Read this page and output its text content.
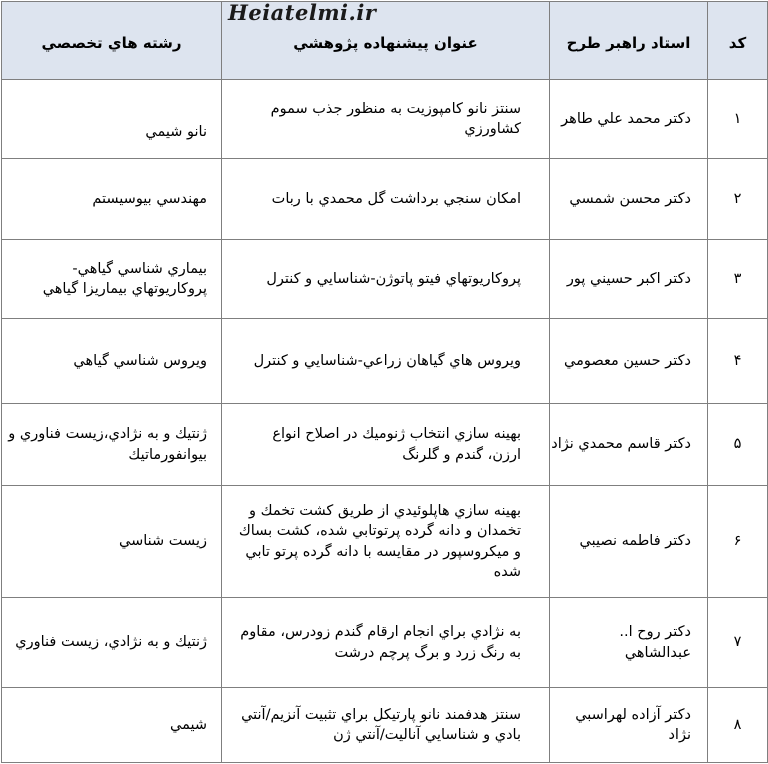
Heiatelmi.ir
كد	استاد راهبر طرح	عنوان پيشنهاده پژوهشي	رشته هاي تخصصي
۱	دكتر محمد علي طاهر	سنتز نانو كامپوزيت به منظور جذب سموم كشاورزي	نانو شيمي
۲	دكتر محسن شمسي	امكان سنجي برداشت گل محمدي با ربات	مهندسي بيوسيستم
۳	دكتر اكبر حسيني پور	پروكاريوتهاي فيتو پاتوژن-شناسايي و كنترل	بيماري شناسي گياهي- پروكاريوتهاي بيماريزا گياهي
۴	دكتر حسين معصومي	ويروس هاي گياهان زراعي-شناسايي و كنترل	ويروس شناسي گياهي
۵	دكتر قاسم محمدي نژاد	بهينه سازي انتخاب ژنوميك در اصلاح انواع ارزن، گندم و گلرنگ	ژنتيك و به نژادي،زيست فناوري و بيوانفورماتيك
۶	دكتر فاطمه نصيبي	بهينه سازي هاپلوئيدي از طريق كشت تخمك و تخمدان و دانه گرده پرتوتابي شده، كشت بساك و ميكروسپور در مقايسه با دانه گرده پرتو تابي شده	زيست شناسي
۷	دكتر روح ا.. عبدالشاهي	به نژادي براي انجام ارقام گندم زودرس، مقاوم به رنگ زرد و برگ پرچم درشت	ژنتيك و به نژادي، زيست فناوري
۸	دكتر آزاده لهراسبي نژاد	سنتز هدفمند نانو پارتيكل براي تثبيت آنزيم/آنتي بادي و شناسايي آناليت/آنتي ژن	شيمي
